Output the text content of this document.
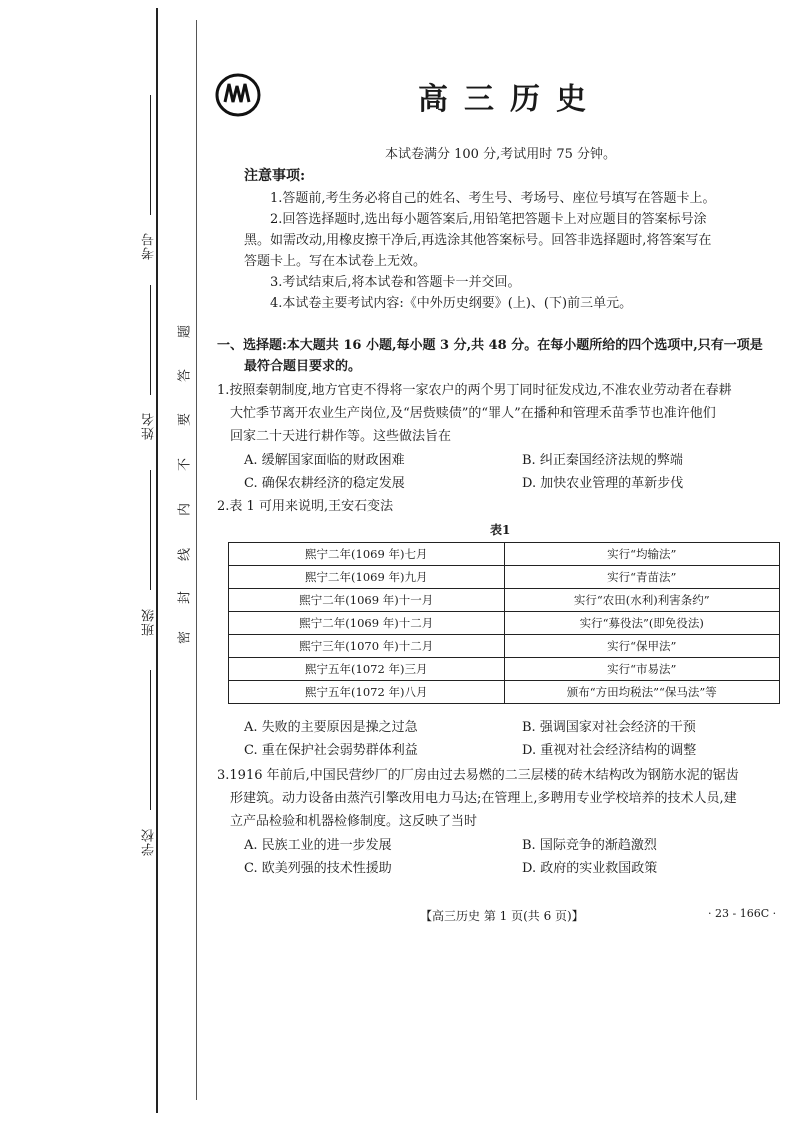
考号
姓名
班级
学校
密
封
线
内
不
要
答
题
高三历史
本试卷满分 100 分,考试用时 75 分钟。
注意事项:
1.答题前,考生务必将自己的姓名、考生号、考场号、座位号填写在答题卡上。
2.回答选择题时,选出每小题答案后,用铅笔把答题卡上对应题目的答案标号涂
黑。如需改动,用橡皮擦干净后,再选涂其他答案标号。回答非选择题时,将答案写在
答题卡上。写在本试卷上无效。
3.考试结束后,将本试卷和答题卡一并交回。
4.本试卷主要考试内容:《中外历史纲要》(上)、(下)前三单元。
一、选择题:本大题共 16 小题,每小题 3 分,共 48 分。在每小题所给的四个选项中,只有一项是
最符合题目要求的。
1.按照秦朝制度,地方官吏不得将一家农户的两个男丁同时征发戍边,不准农业劳动者在春耕
大忙季节离开农业生产岗位,及“居赀赎债”的“罪人”在播种和管理禾苗季节也准许他们
回家二十天进行耕作等。这些做法旨在
A. 缓解国家面临的财政困难	B. 纠正秦国经济法规的弊端
C. 确保农耕经济的稳定发展	D. 加快农业管理的革新步伐
2.表 1 可用来说明,王安石变法
表1
熙宁二年(1069 年)七月	实行“均输法”
熙宁二年(1069 年)九月	实行“青苗法”
熙宁二年(1069 年)十一月	实行“农田(水利)利害条约”
熙宁二年(1069 年)十二月	实行“募役法”(即免役法)
熙宁三年(1070 年)十二月	实行“保甲法”
熙宁五年(1072 年)三月	实行“市易法”
熙宁五年(1072 年)八月	颁布“方田均税法”“保马法”等
A. 失败的主要原因是操之过急	B. 强调国家对社会经济的干预
C. 重在保护社会弱势群体利益	D. 重视对社会经济结构的调整
3.1916 年前后,中国民营纱厂的厂房由过去易燃的二三层楼的砖木结构改为钢筋水泥的锯齿
形建筑。动力设备由蒸汽引擎改用电力马达;在管理上,多聘用专业学校培养的技术人员,建
立产品检验和机器检修制度。这反映了当时
A. 民族工业的进一步发展	B. 国际竞争的渐趋激烈
C. 欧美列强的技术性援助	D. 政府的实业救国政策
【高三历史 第 1 页(共 6 页)】	· 23 - 166C ·
